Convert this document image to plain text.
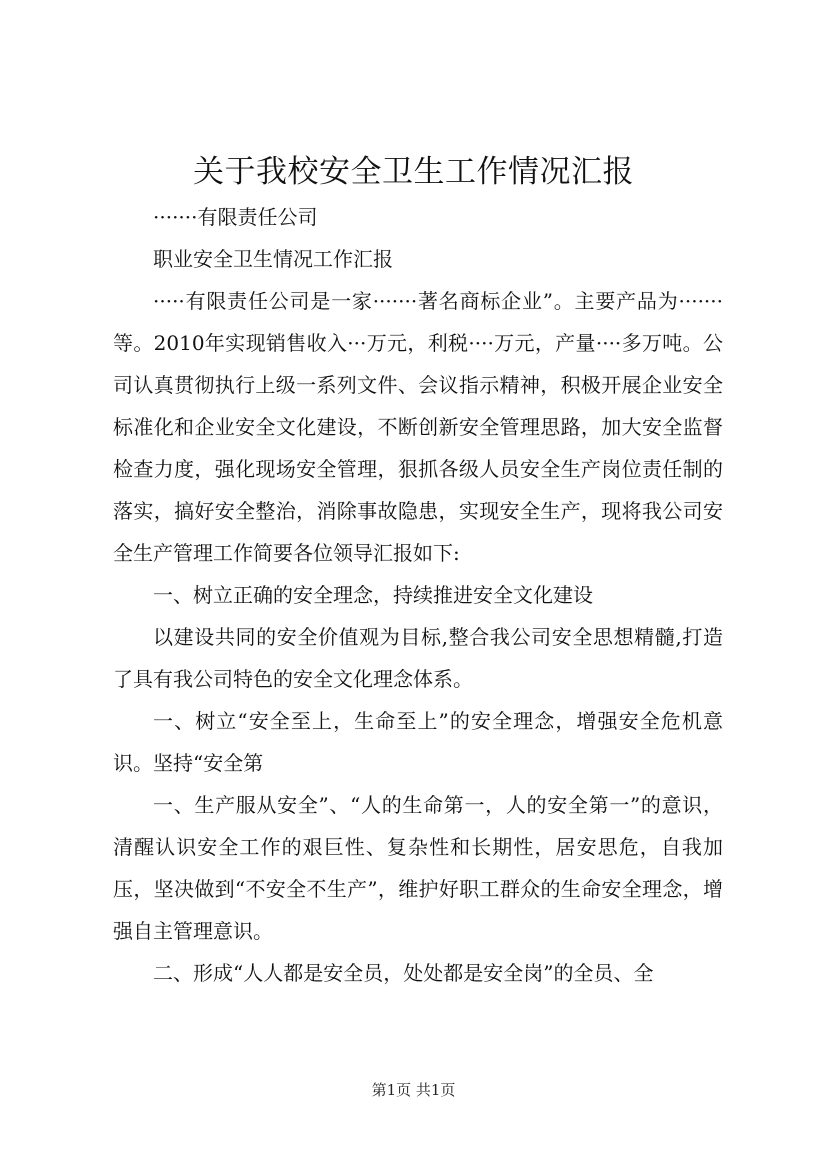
关于我校安全卫生工作情况汇报

·······有限责任公司

职业安全卫生情况工作汇报

·····有限责任公司是一家·······著名商标企业”。主要产品为·······等。2010年实现销售收入···万元，利税····万元，产量····多万吨。公司认真贯彻执行上级一系列文件、会议指示精神，积极开展企业安全标准化和企业安全文化建设，不断创新安全管理思路，加大安全监督检查力度，强化现场安全管理，狠抓各级人员安全生产岗位责任制的落实，搞好安全整治，消除事故隐患，实现安全生产，现将我公司安全生产管理工作简要各位领导汇报如下:

一、树立正确的安全理念，持续推进安全文化建设

以建设共同的安全价值观为目标,整合我公司安全思想精髓,打造了具有我公司特色的安全文化理念体系。

一、树立“安全至上，生命至上”的安全理念，增强安全危机意识。坚持“安全第

一、生产服从安全”、“人的生命第一，人的安全第一”的意识，清醒认识安全工作的艰巨性、复杂性和长期性，居安思危，自我加压，坚决做到“不安全不生产”，维护好职工群众的生命安全理念，增强自主管理意识。

二、形成“人人都是安全员，处处都是安全岗”的全员、全

第1页 共1页
